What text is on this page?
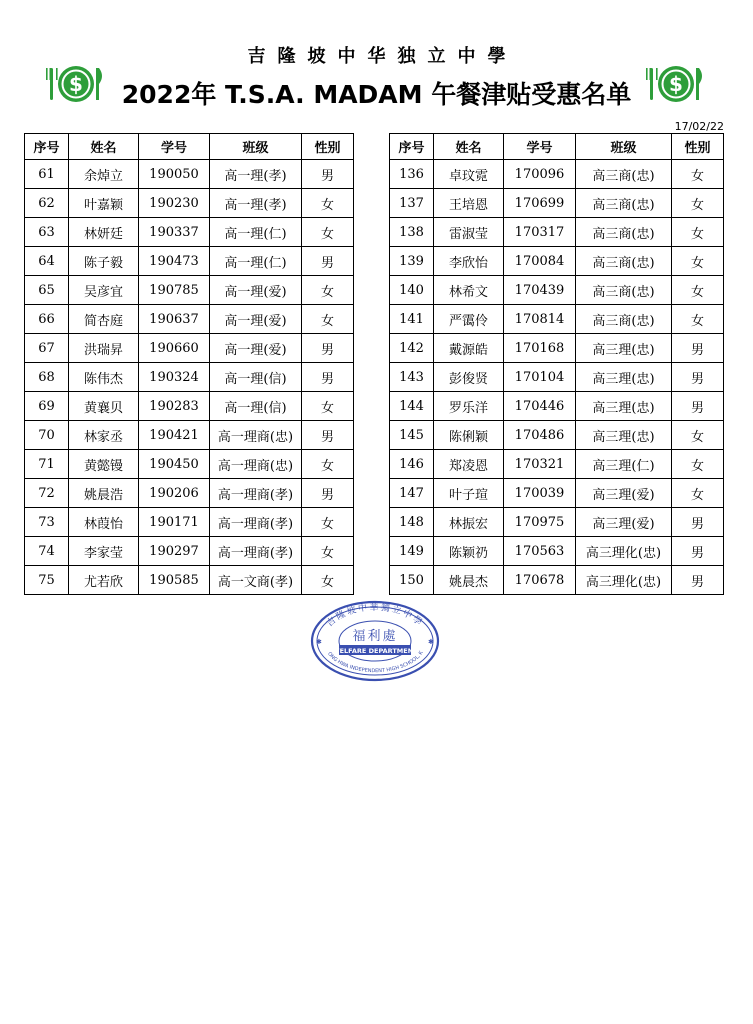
吉隆坡中华独立中學
$	2022年 T.S.A. MADAM 午餐津贴受惠名单	$
17/02/22
序号	姓名	学号	班级	性别
61	余焯立	190050	高一理(孝)	男
62	叶嘉颖	190230	高一理(孝)	女
63	林妍廷	190337	高一理(仁)	女
64	陈子毅	190473	高一理(仁)	男
65	吴彦宜	190785	高一理(爱)	女
66	简杏庭	190637	高一理(爱)	女
67	洪瑞昇	190660	高一理(爱)	男
68	陈伟杰	190324	高一理(信)	男
69	黄襄贝	190283	高一理(信)	女
70	林家丞	190421	高一理商(忠)	男
71	黄懿镘	190450	高一理商(忠)	女
72	姚晨浩	190206	高一理商(孝)	男
73	林葭怡	190171	高一理商(孝)	女
74	李家莹	190297	高一理商(孝)	女
75	尤若欣	190585	高一文商(孝)	女
序号	姓名	学号	班级	性别
136	卓玟霓	170096	高三商(忠)	女
137	王培恩	170699	高三商(忠)	女
138	雷淑莹	170317	高三商(忠)	女
139	李欣怡	170084	高三商(忠)	女
140	林希文	170439	高三商(忠)	女
141	严霭伶	170814	高三商(忠)	女
142	戴源皓	170168	高三理(忠)	男
143	彭俊贤	170104	高三理(忠)	男
144	罗乐洋	170446	高三理(忠)	男
145	陈俐颖	170486	高三理(忠)	女
146	郑凌恩	170321	高三理(仁)	女
147	叶子瑄	170039	高三理(爱)	女
148	林振宏	170975	高三理(爱)	男
149	陈颖礽	170563	高三理化(忠)	男
150	姚晨杰	170678	高三理化(忠)	男
吉隆坡中華獨立中學
福利處
WELFARE DEPARTMENT
ONG HWA INDEPENDENT HIGH SCHOOL, K
✱	✱
